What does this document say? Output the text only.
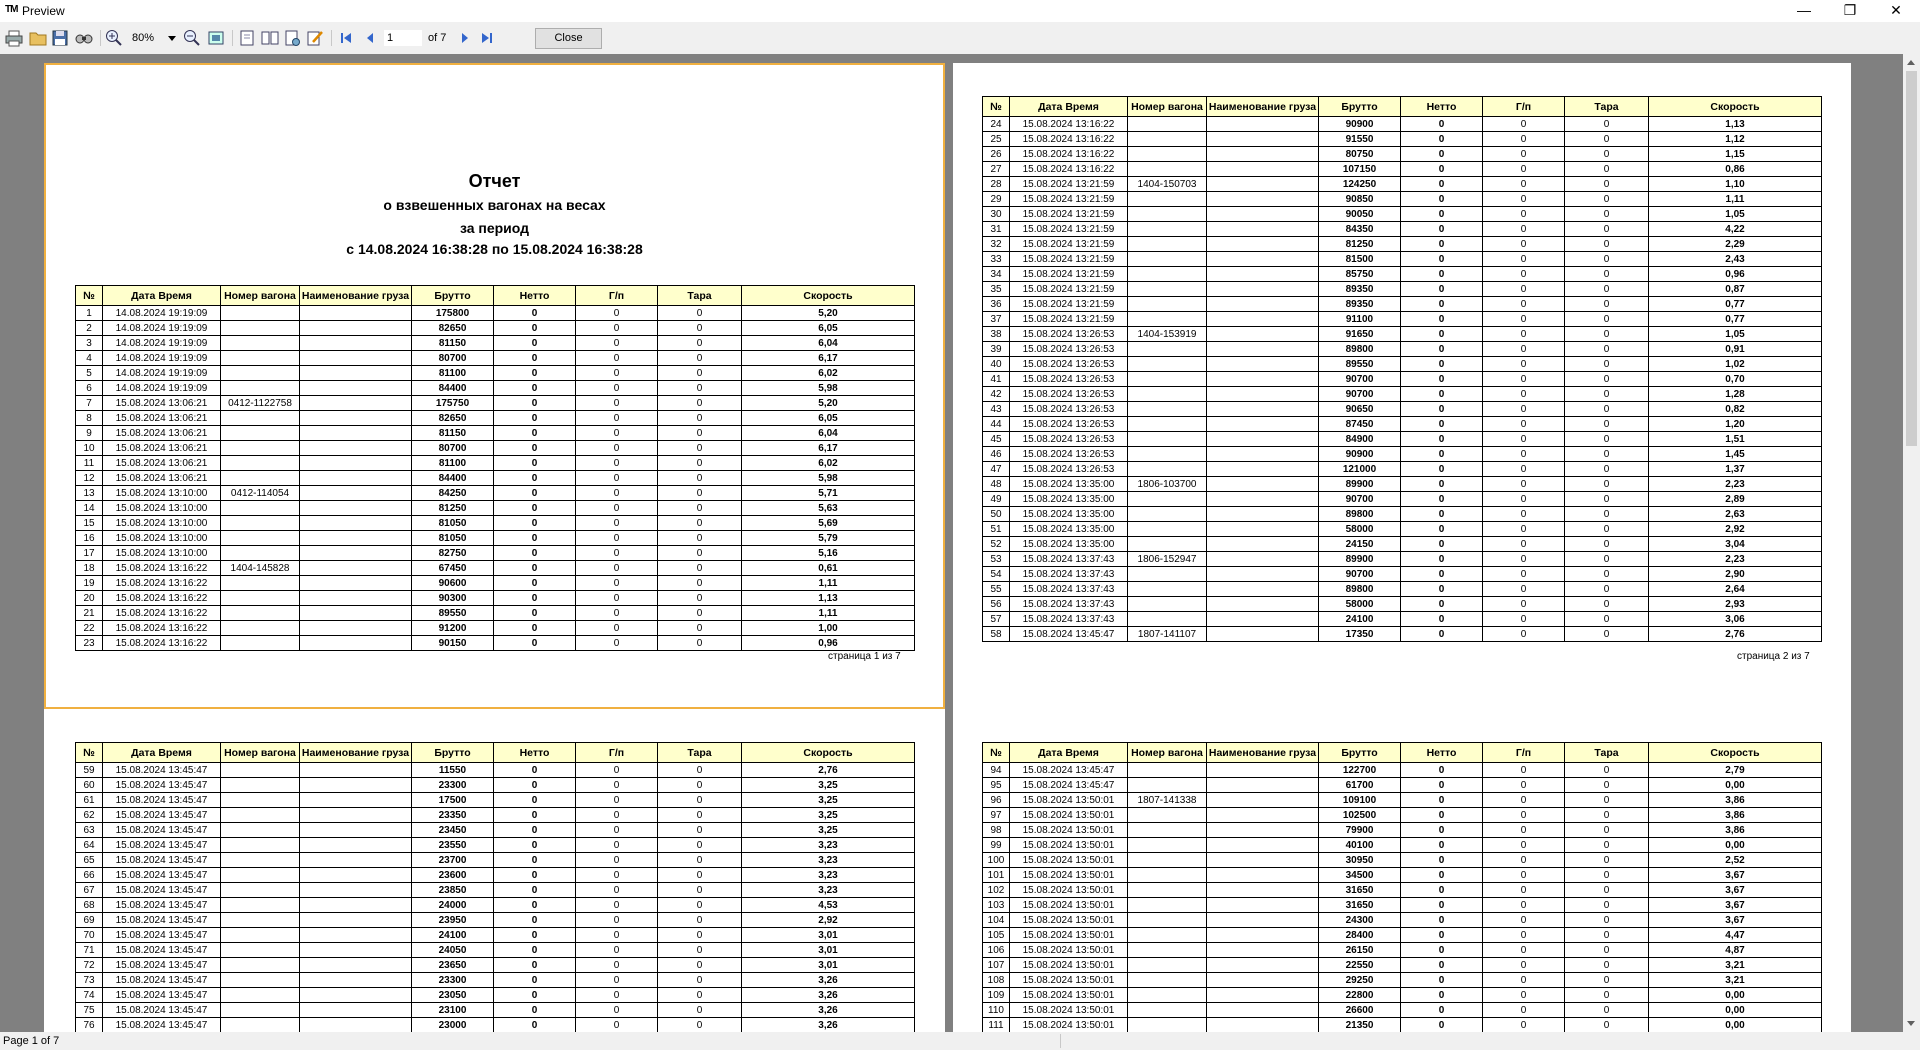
TM Preview	—	❐	✕
80%	1	of 7	Close
Отчет
о взвешенных вагонах на весах
за период
с 14.08.2024 16:38:28 по 15.08.2024 16:38:28
№	Дата Время	Номер вагона	Наименование груза	Брутто	Нетто	Г/п	Тара	Скорость
1	14.08.2024 19:19:09			175800	0	0	0	5,20
2	14.08.2024 19:19:09			82650	0	0	0	6,05
3	14.08.2024 19:19:09			81150	0	0	0	6,04
4	14.08.2024 19:19:09			80700	0	0	0	6,17
5	14.08.2024 19:19:09			81100	0	0	0	6,02
6	14.08.2024 19:19:09			84400	0	0	0	5,98
7	15.08.2024 13:06:21	0412-1122758		175750	0	0	0	5,20
8	15.08.2024 13:06:21			82650	0	0	0	6,05
9	15.08.2024 13:06:21			81150	0	0	0	6,04
10	15.08.2024 13:06:21			80700	0	0	0	6,17
11	15.08.2024 13:06:21			81100	0	0	0	6,02
12	15.08.2024 13:06:21			84400	0	0	0	5,98
13	15.08.2024 13:10:00	0412-114054		84250	0	0	0	5,71
14	15.08.2024 13:10:00			81250	0	0	0	5,63
15	15.08.2024 13:10:00			81050	0	0	0	5,69
16	15.08.2024 13:10:00			81050	0	0	0	5,79
17	15.08.2024 13:10:00			82750	0	0	0	5,16
18	15.08.2024 13:16:22	1404-145828		67450	0	0	0	0,61
19	15.08.2024 13:16:22			90600	0	0	0	1,11
20	15.08.2024 13:16:22			90300	0	0	0	1,13
21	15.08.2024 13:16:22			89550	0	0	0	1,11
22	15.08.2024 13:16:22			91200	0	0	0	1,00
23	15.08.2024 13:16:22			90150	0	0	0	0,96
страница 1 из 7
№	Дата Время	Номер вагона	Наименование груза	Брутто	Нетто	Г/п	Тара	Скорость
24	15.08.2024 13:16:22			90900	0	0	0	1,13
25	15.08.2024 13:16:22			91550	0	0	0	1,12
26	15.08.2024 13:16:22			80750	0	0	0	1,15
27	15.08.2024 13:16:22			107150	0	0	0	0,86
28	15.08.2024 13:21:59	1404-150703		124250	0	0	0	1,10
29	15.08.2024 13:21:59			90850	0	0	0	1,11
30	15.08.2024 13:21:59			90050	0	0	0	1,05
31	15.08.2024 13:21:59			84350	0	0	0	4,22
32	15.08.2024 13:21:59			81250	0	0	0	2,29
33	15.08.2024 13:21:59			81500	0	0	0	2,43
34	15.08.2024 13:21:59			85750	0	0	0	0,96
35	15.08.2024 13:21:59			89350	0	0	0	0,87
36	15.08.2024 13:21:59			89350	0	0	0	0,77
37	15.08.2024 13:21:59			91100	0	0	0	0,77
38	15.08.2024 13:26:53	1404-153919		91650	0	0	0	1,05
39	15.08.2024 13:26:53			89800	0	0	0	0,91
40	15.08.2024 13:26:53			89550	0	0	0	1,02
41	15.08.2024 13:26:53			90700	0	0	0	0,70
42	15.08.2024 13:26:53			90700	0	0	0	1,28
43	15.08.2024 13:26:53			90650	0	0	0	0,82
44	15.08.2024 13:26:53			87450	0	0	0	1,20
45	15.08.2024 13:26:53			84900	0	0	0	1,51
46	15.08.2024 13:26:53			90900	0	0	0	1,45
47	15.08.2024 13:26:53			121000	0	0	0	1,37
48	15.08.2024 13:35:00	1806-103700		89900	0	0	0	2,23
49	15.08.2024 13:35:00			90700	0	0	0	2,89
50	15.08.2024 13:35:00			89800	0	0	0	2,63
51	15.08.2024 13:35:00			58000	0	0	0	2,92
52	15.08.2024 13:35:00			24150	0	0	0	3,04
53	15.08.2024 13:37:43	1806-152947		89900	0	0	0	2,23
54	15.08.2024 13:37:43			90700	0	0	0	2,90
55	15.08.2024 13:37:43			89800	0	0	0	2,64
56	15.08.2024 13:37:43			58000	0	0	0	2,93
57	15.08.2024 13:37:43			24100	0	0	0	3,06
58	15.08.2024 13:45:47	1807-141107		17350	0	0	0	2,76
страница 2 из 7
№	Дата Время	Номер вагона	Наименование груза	Брутто	Нетто	Г/п	Тара	Скорость
59	15.08.2024 13:45:47			11550	0	0	0	2,76
60	15.08.2024 13:45:47			23300	0	0	0	3,25
61	15.08.2024 13:45:47			17500	0	0	0	3,25
62	15.08.2024 13:45:47			23350	0	0	0	3,25
63	15.08.2024 13:45:47			23450	0	0	0	3,25
64	15.08.2024 13:45:47			23550	0	0	0	3,23
65	15.08.2024 13:45:47			23700	0	0	0	3,23
66	15.08.2024 13:45:47			23600	0	0	0	3,23
67	15.08.2024 13:45:47			23850	0	0	0	3,23
68	15.08.2024 13:45:47			24000	0	0	0	4,53
69	15.08.2024 13:45:47			23950	0	0	0	2,92
70	15.08.2024 13:45:47			24100	0	0	0	3,01
71	15.08.2024 13:45:47			24050	0	0	0	3,01
72	15.08.2024 13:45:47			23650	0	0	0	3,01
73	15.08.2024 13:45:47			23300	0	0	0	3,26
74	15.08.2024 13:45:47			23050	0	0	0	3,26
75	15.08.2024 13:45:47			23100	0	0	0	3,26
76	15.08.2024 13:45:47			23000	0	0	0	3,26
№	Дата Время	Номер вагона	Наименование груза	Брутто	Нетто	Г/п	Тара	Скорость
94	15.08.2024 13:45:47			122700	0	0	0	2,79
95	15.08.2024 13:45:47			61700	0	0	0	0,00
96	15.08.2024 13:50:01	1807-141338		109100	0	0	0	3,86
97	15.08.2024 13:50:01			102500	0	0	0	3,86
98	15.08.2024 13:50:01			79900	0	0	0	3,86
99	15.08.2024 13:50:01			40100	0	0	0	0,00
100	15.08.2024 13:50:01			30950	0	0	0	2,52
101	15.08.2024 13:50:01			34500	0	0	0	3,67
102	15.08.2024 13:50:01			31650	0	0	0	3,67
103	15.08.2024 13:50:01			31650	0	0	0	3,67
104	15.08.2024 13:50:01			24300	0	0	0	3,67
105	15.08.2024 13:50:01			28400	0	0	0	4,47
106	15.08.2024 13:50:01			26150	0	0	0	4,87
107	15.08.2024 13:50:01			22550	0	0	0	3,21
108	15.08.2024 13:50:01			29250	0	0	0	3,21
109	15.08.2024 13:50:01			22800	0	0	0	0,00
110	15.08.2024 13:50:01			26600	0	0	0	0,00
111	15.08.2024 13:50:01			21350	0	0	0	0,00
Page 1 of 7
